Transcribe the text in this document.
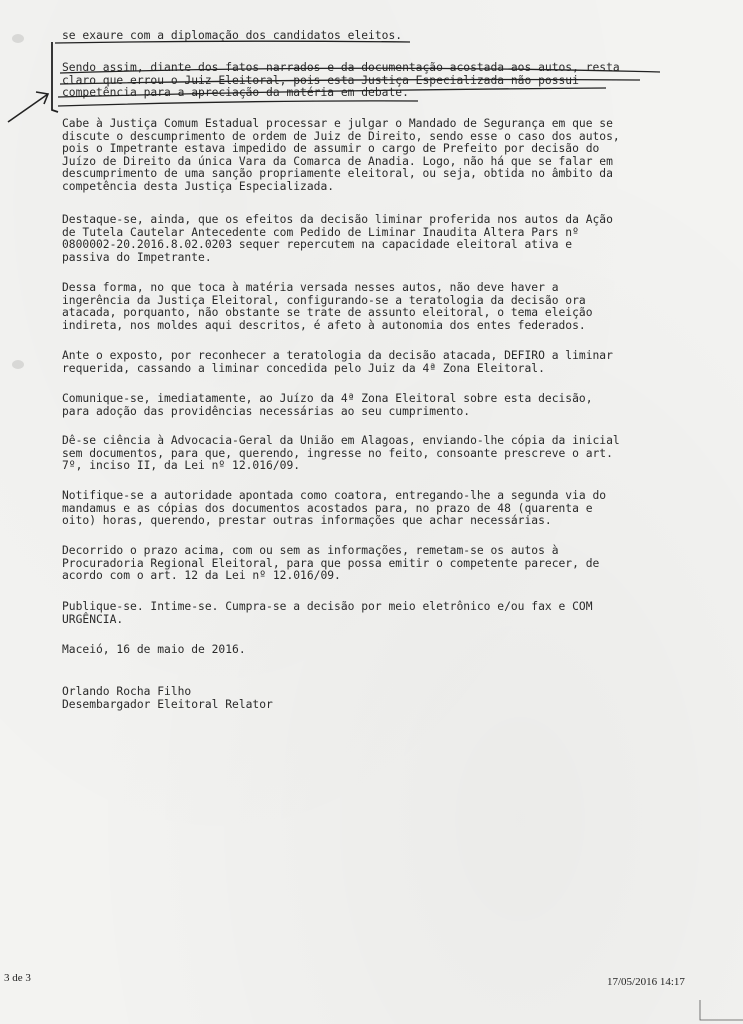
se exaure com a diplomação dos candidatos eleitos.

Sendo assim, diante dos fatos narrados e da documentação acostada aos autos, resta
claro que errou o Juiz Eleitoral, pois esta Justiça Especializada não possui
competência para a apreciação da matéria em debate.

Cabe à Justiça Comum Estadual processar e julgar o Mandado de Segurança em que se
discute o descumprimento de ordem de Juiz de Direito, sendo esse o caso dos autos,
pois o Impetrante estava impedido de assumir o cargo de Prefeito por decisão do
Juízo de Direito da única Vara da Comarca de Anadia. Logo, não há que se falar em
descumprimento de uma sanção propriamente eleitoral, ou seja, obtida no âmbito da
competência desta Justiça Especializada.

Destaque-se, ainda, que os efeitos da decisão liminar proferida nos autos da Ação
de Tutela Cautelar Antecedente com Pedido de Liminar Inaudita Altera Pars nº
0800002-20.2016.8.02.0203 sequer repercutem na capacidade eleitoral ativa e
passiva do Impetrante.

Dessa forma, no que toca à matéria versada nesses autos, não deve haver a
ingerência da Justiça Eleitoral, configurando-se a teratologia da decisão ora
atacada, porquanto, não obstante se trate de assunto eleitoral, o tema eleição
indireta, nos moldes aqui descritos, é afeto à autonomia dos entes federados.

Ante o exposto, por reconhecer a teratologia da decisão atacada, DEFIRO a liminar
requerida, cassando a liminar concedida pelo Juiz da 4ª Zona Eleitoral.

Comunique-se, imediatamente, ao Juízo da 4ª Zona Eleitoral sobre esta decisão,
para adoção das providências necessárias ao seu cumprimento.

Dê-se ciência à Advocacia-Geral da União em Alagoas, enviando-lhe cópia da inicial
sem documentos, para que, querendo, ingresse no feito, consoante prescreve o art.
7º, inciso II, da Lei nº 12.016/09.

Notifique-se a autoridade apontada como coatora, entregando-lhe a segunda via do
mandamus e as cópias dos documentos acostados para, no prazo de 48 (quarenta e
oito) horas, querendo, prestar outras informações que achar necessárias.

Decorrido o prazo acima, com ou sem as informações, remetam-se os autos à
Procuradoria Regional Eleitoral, para que possa emitir o competente parecer, de
acordo com o art. 12 da Lei nº 12.016/09.

Publique-se. Intime-se. Cumpra-se a decisão por meio eletrônico e/ou fax e COM
URGÊNCIA.

Maceió, 16 de maio de 2016.

Orlando Rocha Filho
Desembargador Eleitoral Relator

3 de 3	17/05/2016 14:17
